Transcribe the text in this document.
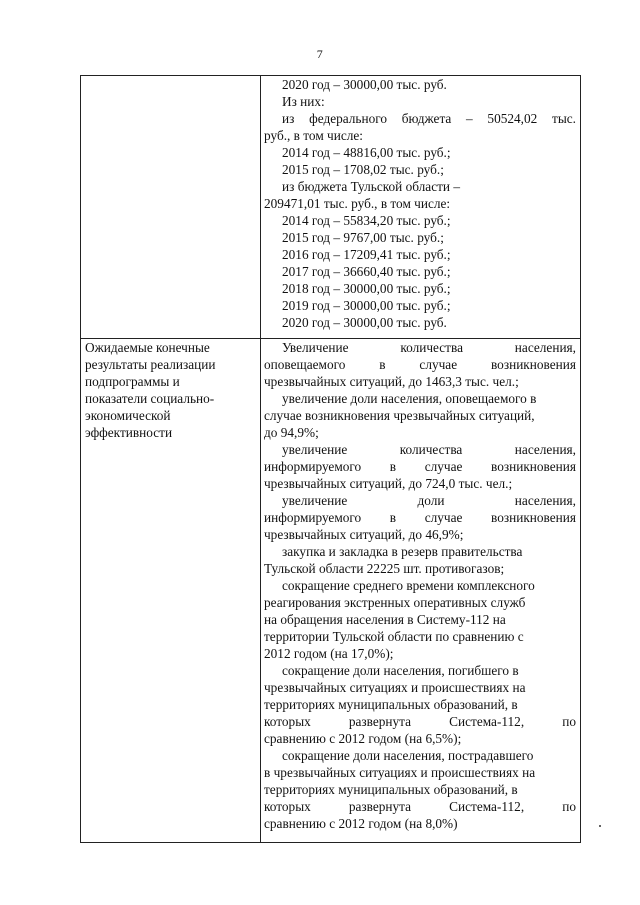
7
2020 год – 30000,00 тыс. руб.
Из них:
из федерального бюджета – 50524,02 тыс.
руб., в том числе:
2014 год – 48816,00 тыс. руб.;
2015 год – 1708,02 тыс. руб.;
из бюджета Тульской области –
209471,01 тыс. руб., в том числе:
2014 год – 55834,20 тыс. руб.;
2015 год – 9767,00 тыс. руб.;
2016 год – 17209,41 тыс. руб.;
2017 год – 36660,40 тыс. руб.;
2018 год – 30000,00 тыс. руб.;
2019 год – 30000,00 тыс. руб.;
2020 год – 30000,00 тыс. руб.
Ожидаемые конечные
результаты реализации
подпрограммы и
показатели социально-
экономической
эффективности
Увеличение количества населения,
оповещаемого в случае возникновения
чрезвычайных ситуаций, до 1463,3 тыс. чел.;
увеличение доли населения, оповещаемого в
случае возникновения чрезвычайных ситуаций,
до 94,9%;
увеличение количества населения,
информируемого в случае возникновения
чрезвычайных ситуаций, до 724,0 тыс. чел.;
увеличение доли населения,
информируемого в случае возникновения
чрезвычайных ситуаций, до 46,9%;
закупка и закладка в резерв правительства
Тульской области 22225 шт. противогазов;
сокращение среднего времени комплексного
реагирования экстренных оперативных служб
на обращения населения в Систему-112 на
территории Тульской области по сравнению с
2012 годом (на 17,0%);
сокращение доли населения, погибшего в
чрезвычайных ситуациях и происшествиях на
территориях муниципальных образований, в
которых развернута Система-112, по
сравнению с 2012 годом (на 6,5%);
сокращение доли населения, пострадавшего
в чрезвычайных ситуациях и происшествиях на
территориях муниципальных образований, в
которых развернута Система-112, по
сравнению с 2012 годом (на 8,0%)
